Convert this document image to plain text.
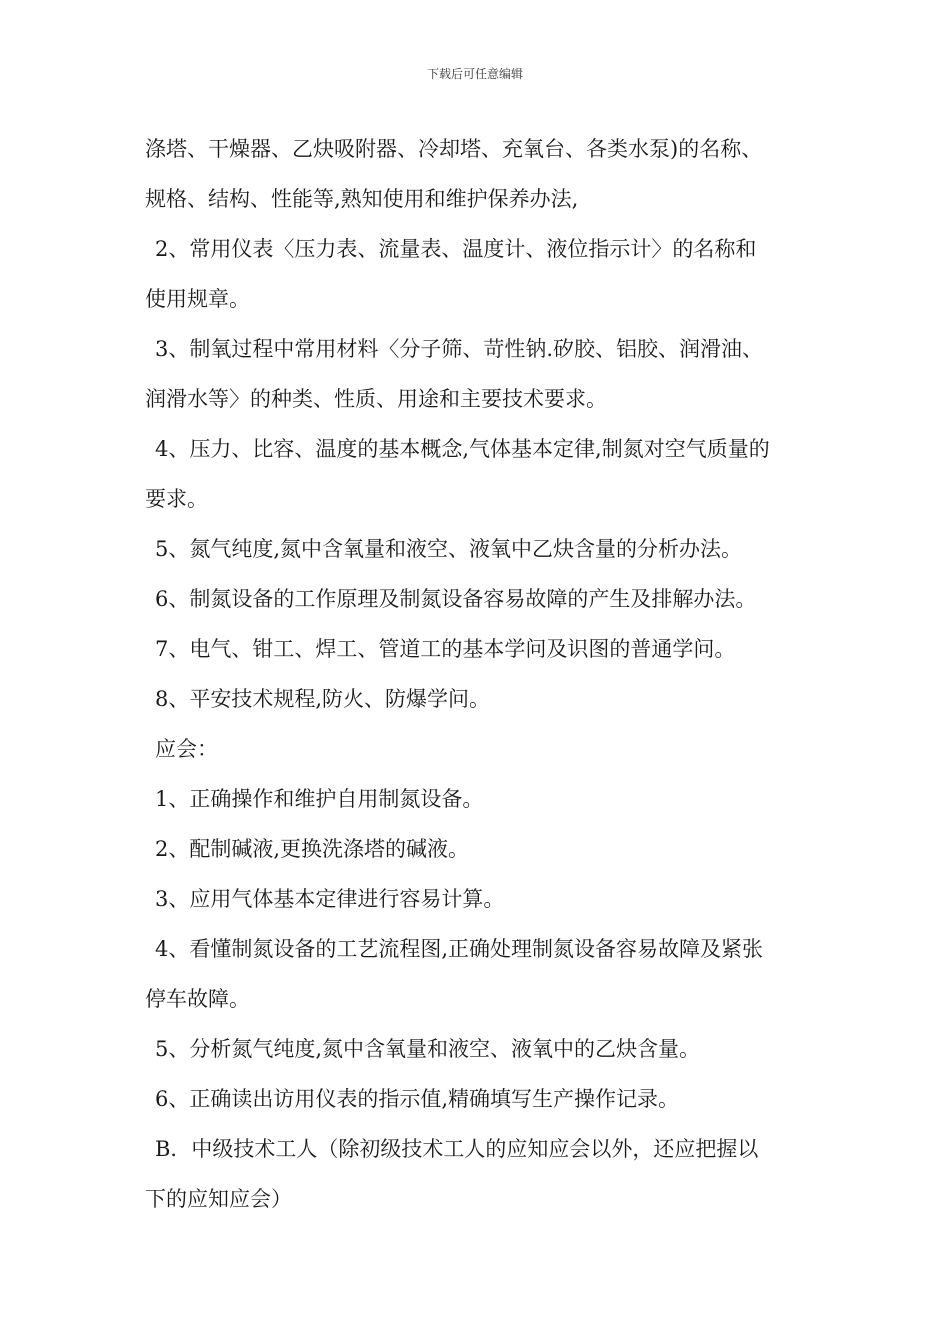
下载后可任意编辑
涤塔、干燥器、乙炔吸附器、冷却塔、充氧台、各类水泵)的名称、
规格、结构、性能等,熟知使用和维护保养办法,
2、常用仪表〈压力表、流量表、温度计、液位指示计〉的名称和
使用规章。
3、制氧过程中常用材料〈分子筛、苛性钠.矽胶、铝胶、润滑油、
润滑水等〉的种类、性质、用途和主要技术要求。
4、压力、比容、温度的基本概念,气体基本定律,制氮对空气质量的
要求。
5、氮气纯度,氮中含氧量和液空、液氧中乙炔含量的分析办法。
6、制氮设备的工作原理及制氮设备容易故障的产生及排解办法。
7、电气、钳工、焊工、管道工的基本学问及识图的普通学问。
8、平安技术规程,防火、防爆学问。
应会：
1、正确操作和维护自用制氮设备。
2、配制碱液,更换洗涤塔的碱液。
3、应用气体基本定律进行容易计算。
4、看懂制氮设备的工艺流程图,正确处理制氮设备容易故障及紧张
停车故障。
5、分析氮气纯度,氮中含氧量和液空、液氧中的乙炔含量。
6、正确读出访用仪表的指示值,精确填写生产操作记录。
B．中级技术工人（除初级技术工人的应知应会以外，还应把握以
下的应知应会）
